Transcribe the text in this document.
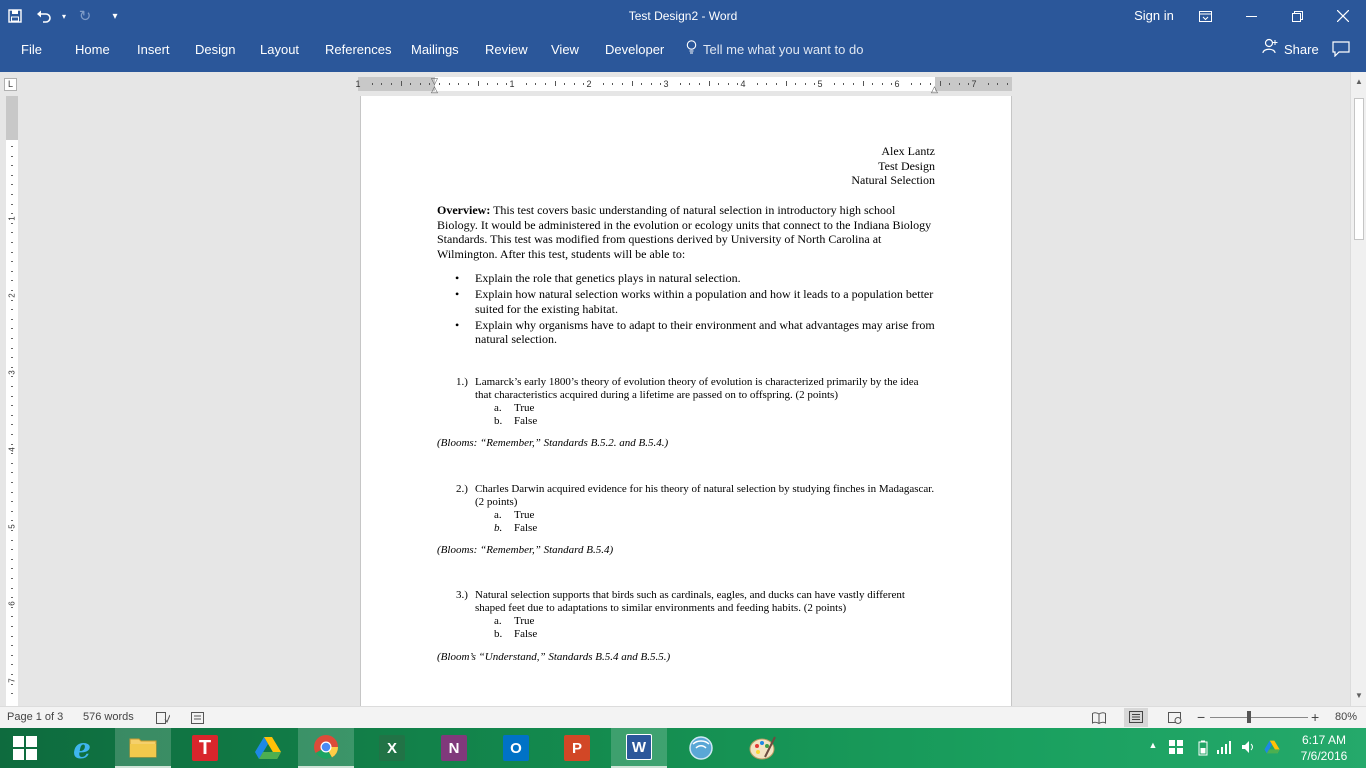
▾ ↻	▾	Test Design2 - Word	Sign in
File	Home Insert Design Layout References Mailings Review View Developer	Tell me what you want to do	Share
L	1	1	2	3	4	5	6	7
▽
△	△
1
2
3
4
5
6
7
Alex Lantz
Test Design
Natural Selection
Overview: This test covers basic understanding of natural selection in introductory high school Biology. It would be administered in the evolution or ecology units that connect to the Indiana Biology Standards. This test was modified from questions derived by University of North Carolina at Wilmington. After this test, students will be able to:
• Explain the role that genetics plays in natural selection.
• Explain how natural selection works within a population and how it leads to a population better suited for the existing habitat.
• Explain why organisms have to adapt to their environment and what advantages may arise from natural selection.
1.) Lamarck’s early 1800’s theory of evolution theory of evolution is characterized primarily by the idea that characteristics acquired during a lifetime are passed on to offspring. (2 points)
a. True
b. False
(Blooms: “Remember,” Standards B.5.2. and B.5.4.)
2.) Charles Darwin acquired evidence for his theory of natural selection by studying finches in Madagascar. (2 points)
a. True
b. False
(Blooms: “Remember,” Standard B.5.4)
3.) Natural selection supports that birds such as cardinals, eagles, and ducks can have vastly different shaped feet due to adaptations to similar environments and feeding habits. (2 points)
a. True
b. False
(Bloom’s “Understand,” Standards B.5.4 and B.5.5.)
▲
▼
Page 1 of 3 576 words	−	+ 80%
e	T	X	N	O	P	W	▲	6:17 AM
7/6/2016
